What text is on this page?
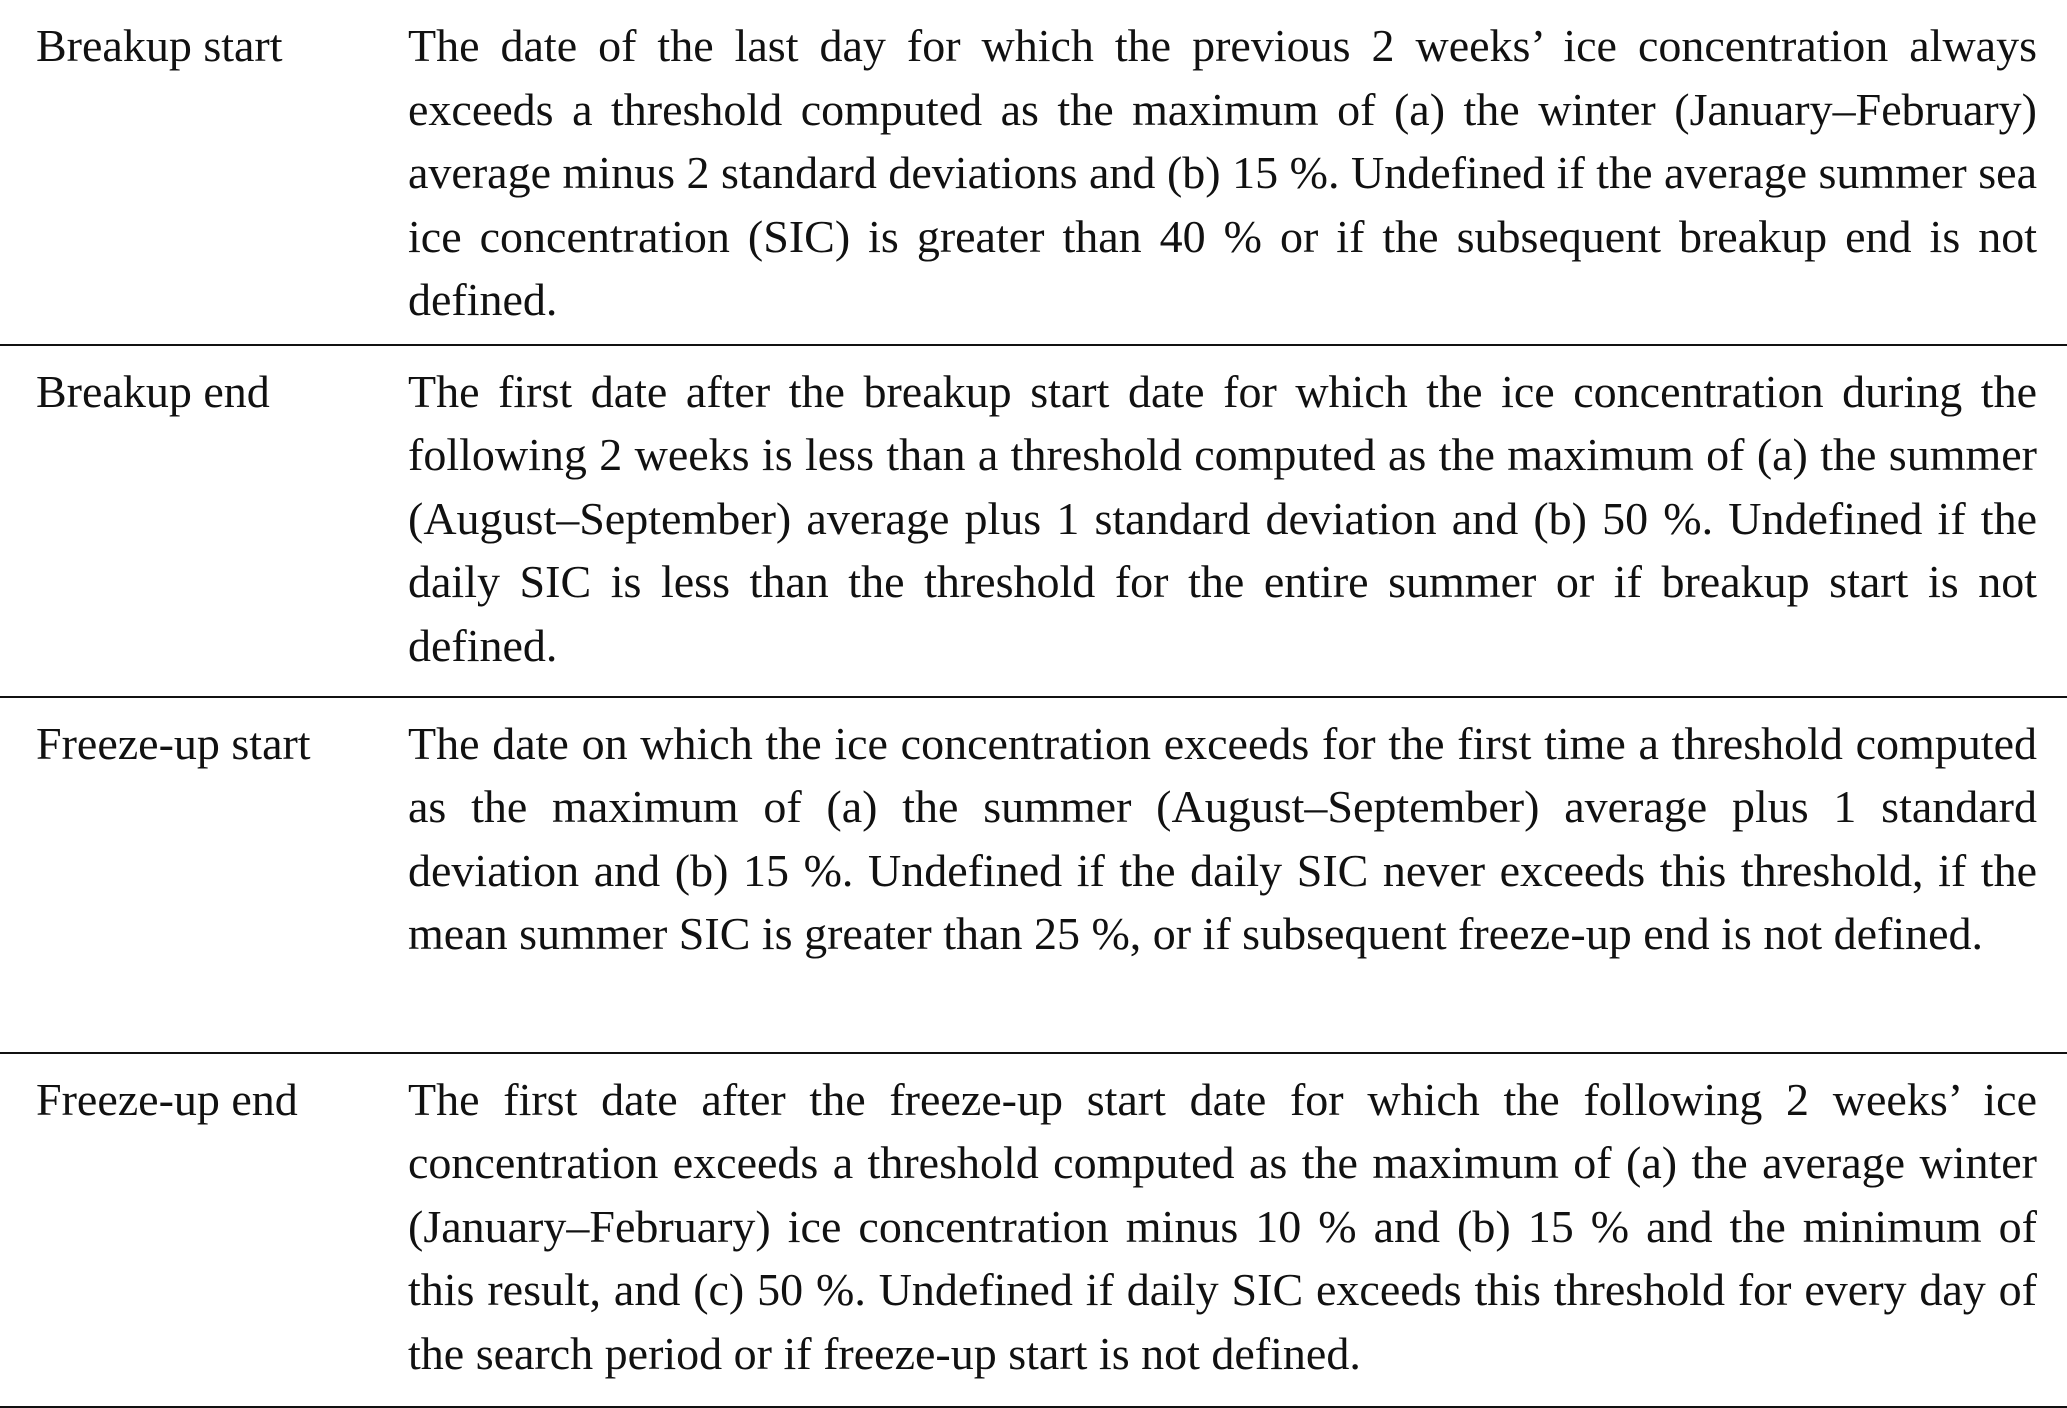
Breakup start	The date of the last day for which the previous 2 weeks’ ice concentration always exceeds a threshold computed as the maximum of (a) the winter (January–February) average minus 2 standard deviations and (b) 15 %. Undefined if the average summer sea ice concentration (SIC) is greater than 40 % or if the subsequent breakup end is not defined.
Breakup end	The first date after the breakup start date for which the ice concentration during the following 2 weeks is less than a threshold computed as the maximum of (a) the summer (August–September) average plus 1 standard deviation and (b) 50 %. Undefined if the daily SIC is less than the threshold for the entire summer or if breakup start is not defined.
Freeze-up start	The date on which the ice concentration exceeds for the first time a threshold computed as the maximum of (a) the summer (August–September) average plus 1 standard deviation and (b) 15 %. Undefined if the daily SIC never exceeds this threshold, if the mean summer SIC is greater than 25 %, or if subsequent freeze-up end is not defined.
Freeze-up end	The first date after the freeze-up start date for which the following 2 weeks’ ice concentration exceeds a threshold computed as the maximum of (a) the average winter (January–February) ice concentration minus 10 % and (b) 15 % and the minimum of this result, and (c) 50 %. Undefined if daily SIC exceeds this threshold for every day of the search period or if freeze-up start is not defined.
